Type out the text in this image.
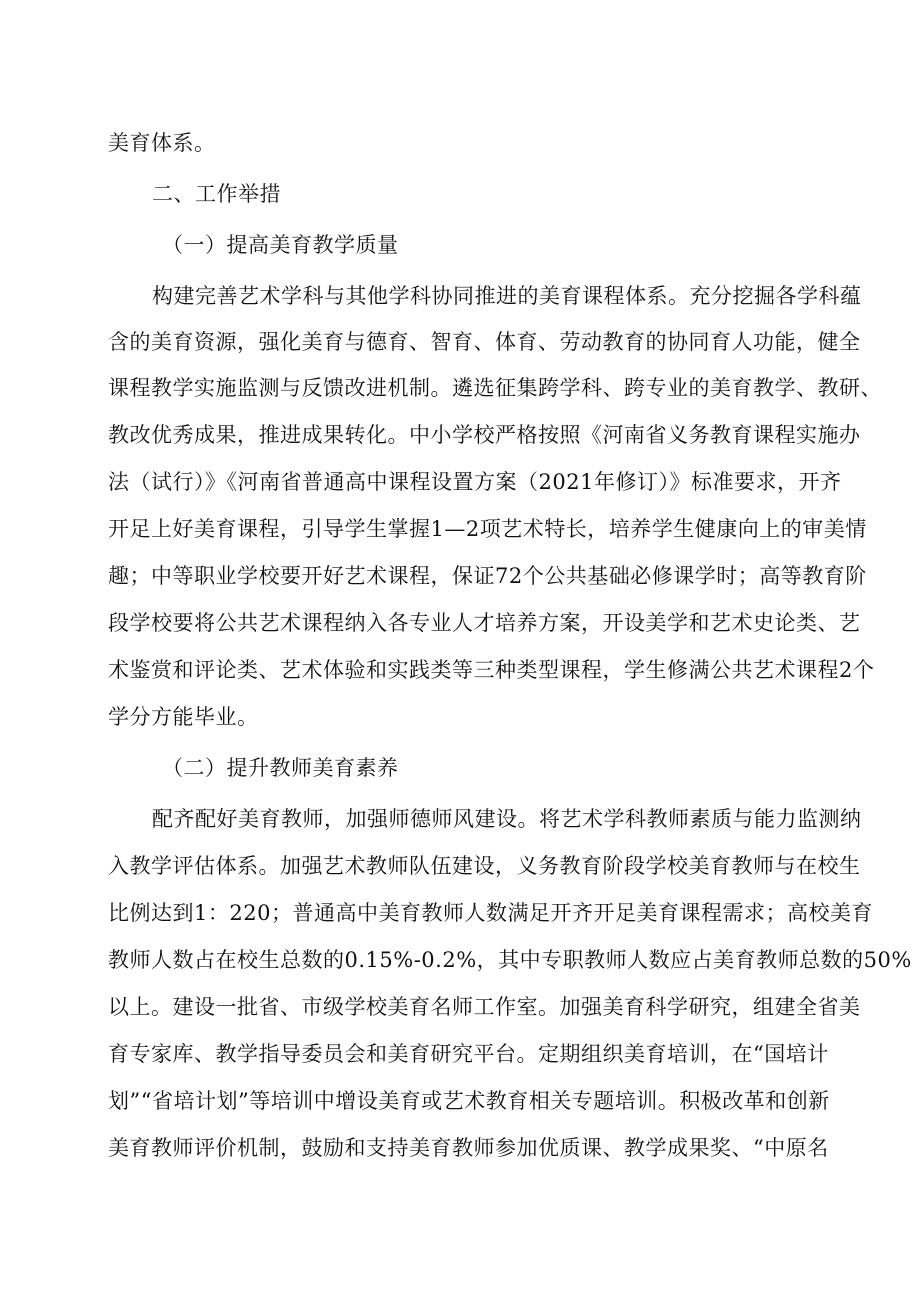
美育体系。
二、工作举措
（一）提高美育教学质量
构建完善艺术学科与其他学科协同推进的美育课程体系。充分挖掘各学科蕴
含的美育资源，强化美育与德育、智育、体育、劳动教育的协同育人功能，健全
课程教学实施监测与反馈改进机制。遴选征集跨学科、跨专业的美育教学、教研、
教改优秀成果，推进成果转化。中小学校严格按照《河南省义务教育课程实施办
法（试行）》《河南省普通高中课程设置方案（2021年修订）》标准要求，开齐
开足上好美育课程，引导学生掌握1—2项艺术特长，培养学生健康向上的审美情
趣；中等职业学校要开好艺术课程，保证72个公共基础必修课学时；高等教育阶
段学校要将公共艺术课程纳入各专业人才培养方案，开设美学和艺术史论类、艺
术鉴赏和评论类、艺术体验和实践类等三种类型课程，学生修满公共艺术课程2个
学分方能毕业。
（二）提升教师美育素养
配齐配好美育教师，加强师德师风建设。将艺术学科教师素质与能力监测纳
入教学评估体系。加强艺术教师队伍建设，义务教育阶段学校美育教师与在校生
比例达到1：220；普通高中美育教师人数满足开齐开足美育课程需求；高校美育
教师人数占在校生总数的0.15%-0.2%，其中专职教师人数应占美育教师总数的50%
以上。建设一批省、市级学校美育名师工作室。加强美育科学研究，组建全省美
育专家库、教学指导委员会和美育研究平台。定期组织美育培训，在“国培计
划”“省培计划”等培训中增设美育或艺术教育相关专题培训。积极改革和创新
美育教师评价机制，鼓励和支持美育教师参加优质课、教学成果奖、“中原名
